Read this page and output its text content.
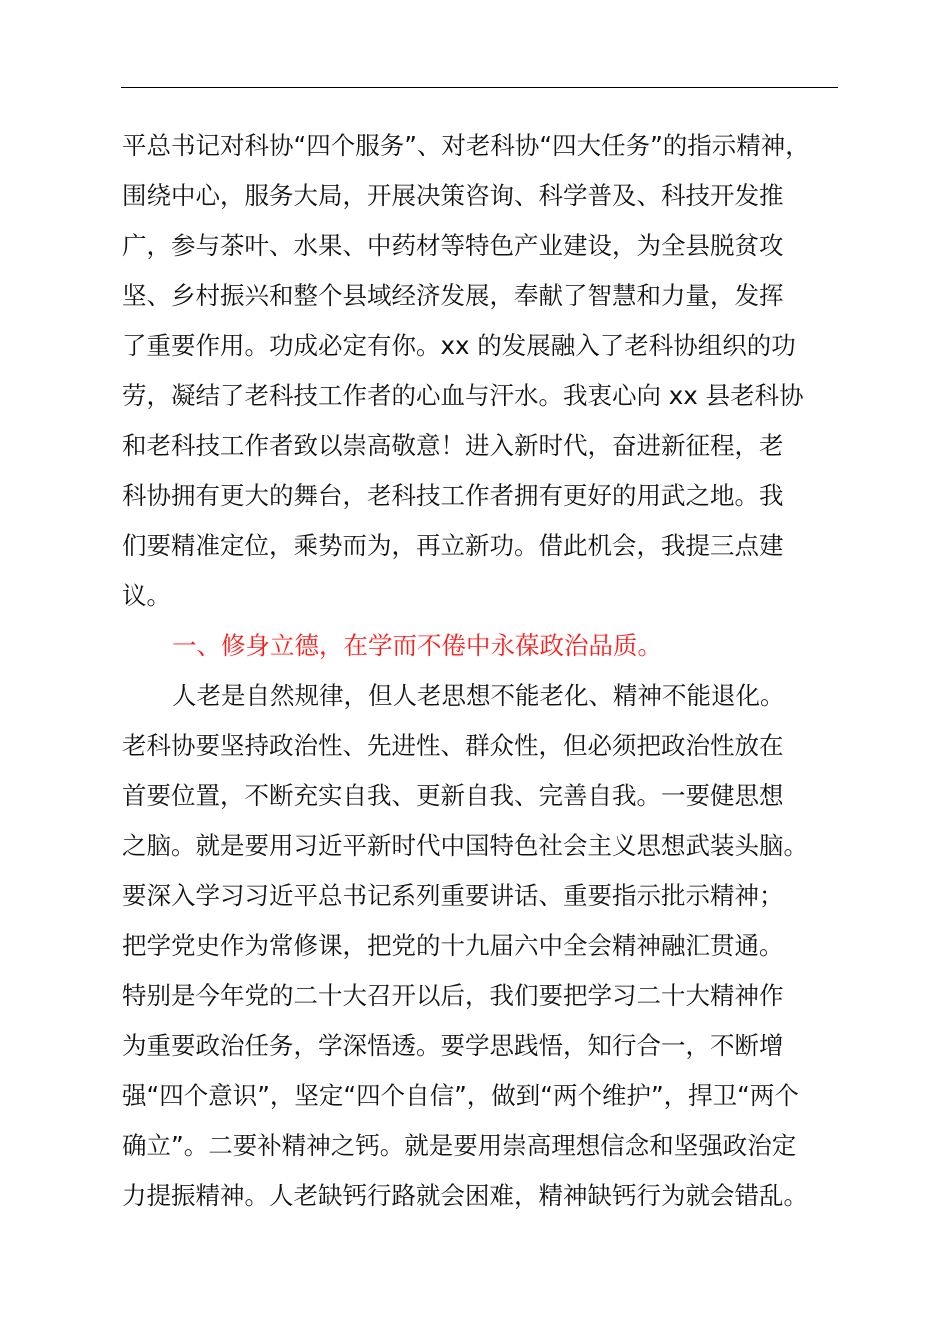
平总书记对科协“四个服务”、对老科协“四大任务”的指示精神，

围绕中心，服务大局，开展决策咨询、科学普及、科技开发推

广，参与茶叶、水果、中药材等特色产业建设，为全县脱贫攻

坚、乡村振兴和整个县域经济发展，奉献了智慧和力量，发挥

了重要作用。功成必定有你。xx 的发展融入了老科协组织的功

劳，凝结了老科技工作者的心血与汗水。我衷心向 xx 县老科协

和老科技工作者致以崇高敬意！进入新时代，奋进新征程，老

科协拥有更大的舞台，老科技工作者拥有更好的用武之地。我

们要精准定位，乘势而为，再立新功。借此机会，我提三点建

议。

一、修身立德，在学而不倦中永葆政治品质。

人老是自然规律，但人老思想不能老化、精神不能退化。

老科协要坚持政治性、先进性、群众性，但必须把政治性放在

首要位置，不断充实自我、更新自我、完善自我。一要健思想

之脑。就是要用习近平新时代中国特色社会主义思想武装头脑。

要深入学习习近平总书记系列重要讲话、重要指示批示精神；

把学党史作为常修课，把党的十九届六中全会精神融汇贯通。

特别是今年党的二十大召开以后，我们要把学习二十大精神作

为重要政治任务，学深悟透。要学思践悟，知行合一，不断增

强“四个意识”，坚定“四个自信”，做到“两个维护”，捍卫“两个

确立”。二要补精神之钙。就是要用崇高理想信念和坚强政治定

力提振精神。人老缺钙行路就会困难，精神缺钙行为就会错乱。
